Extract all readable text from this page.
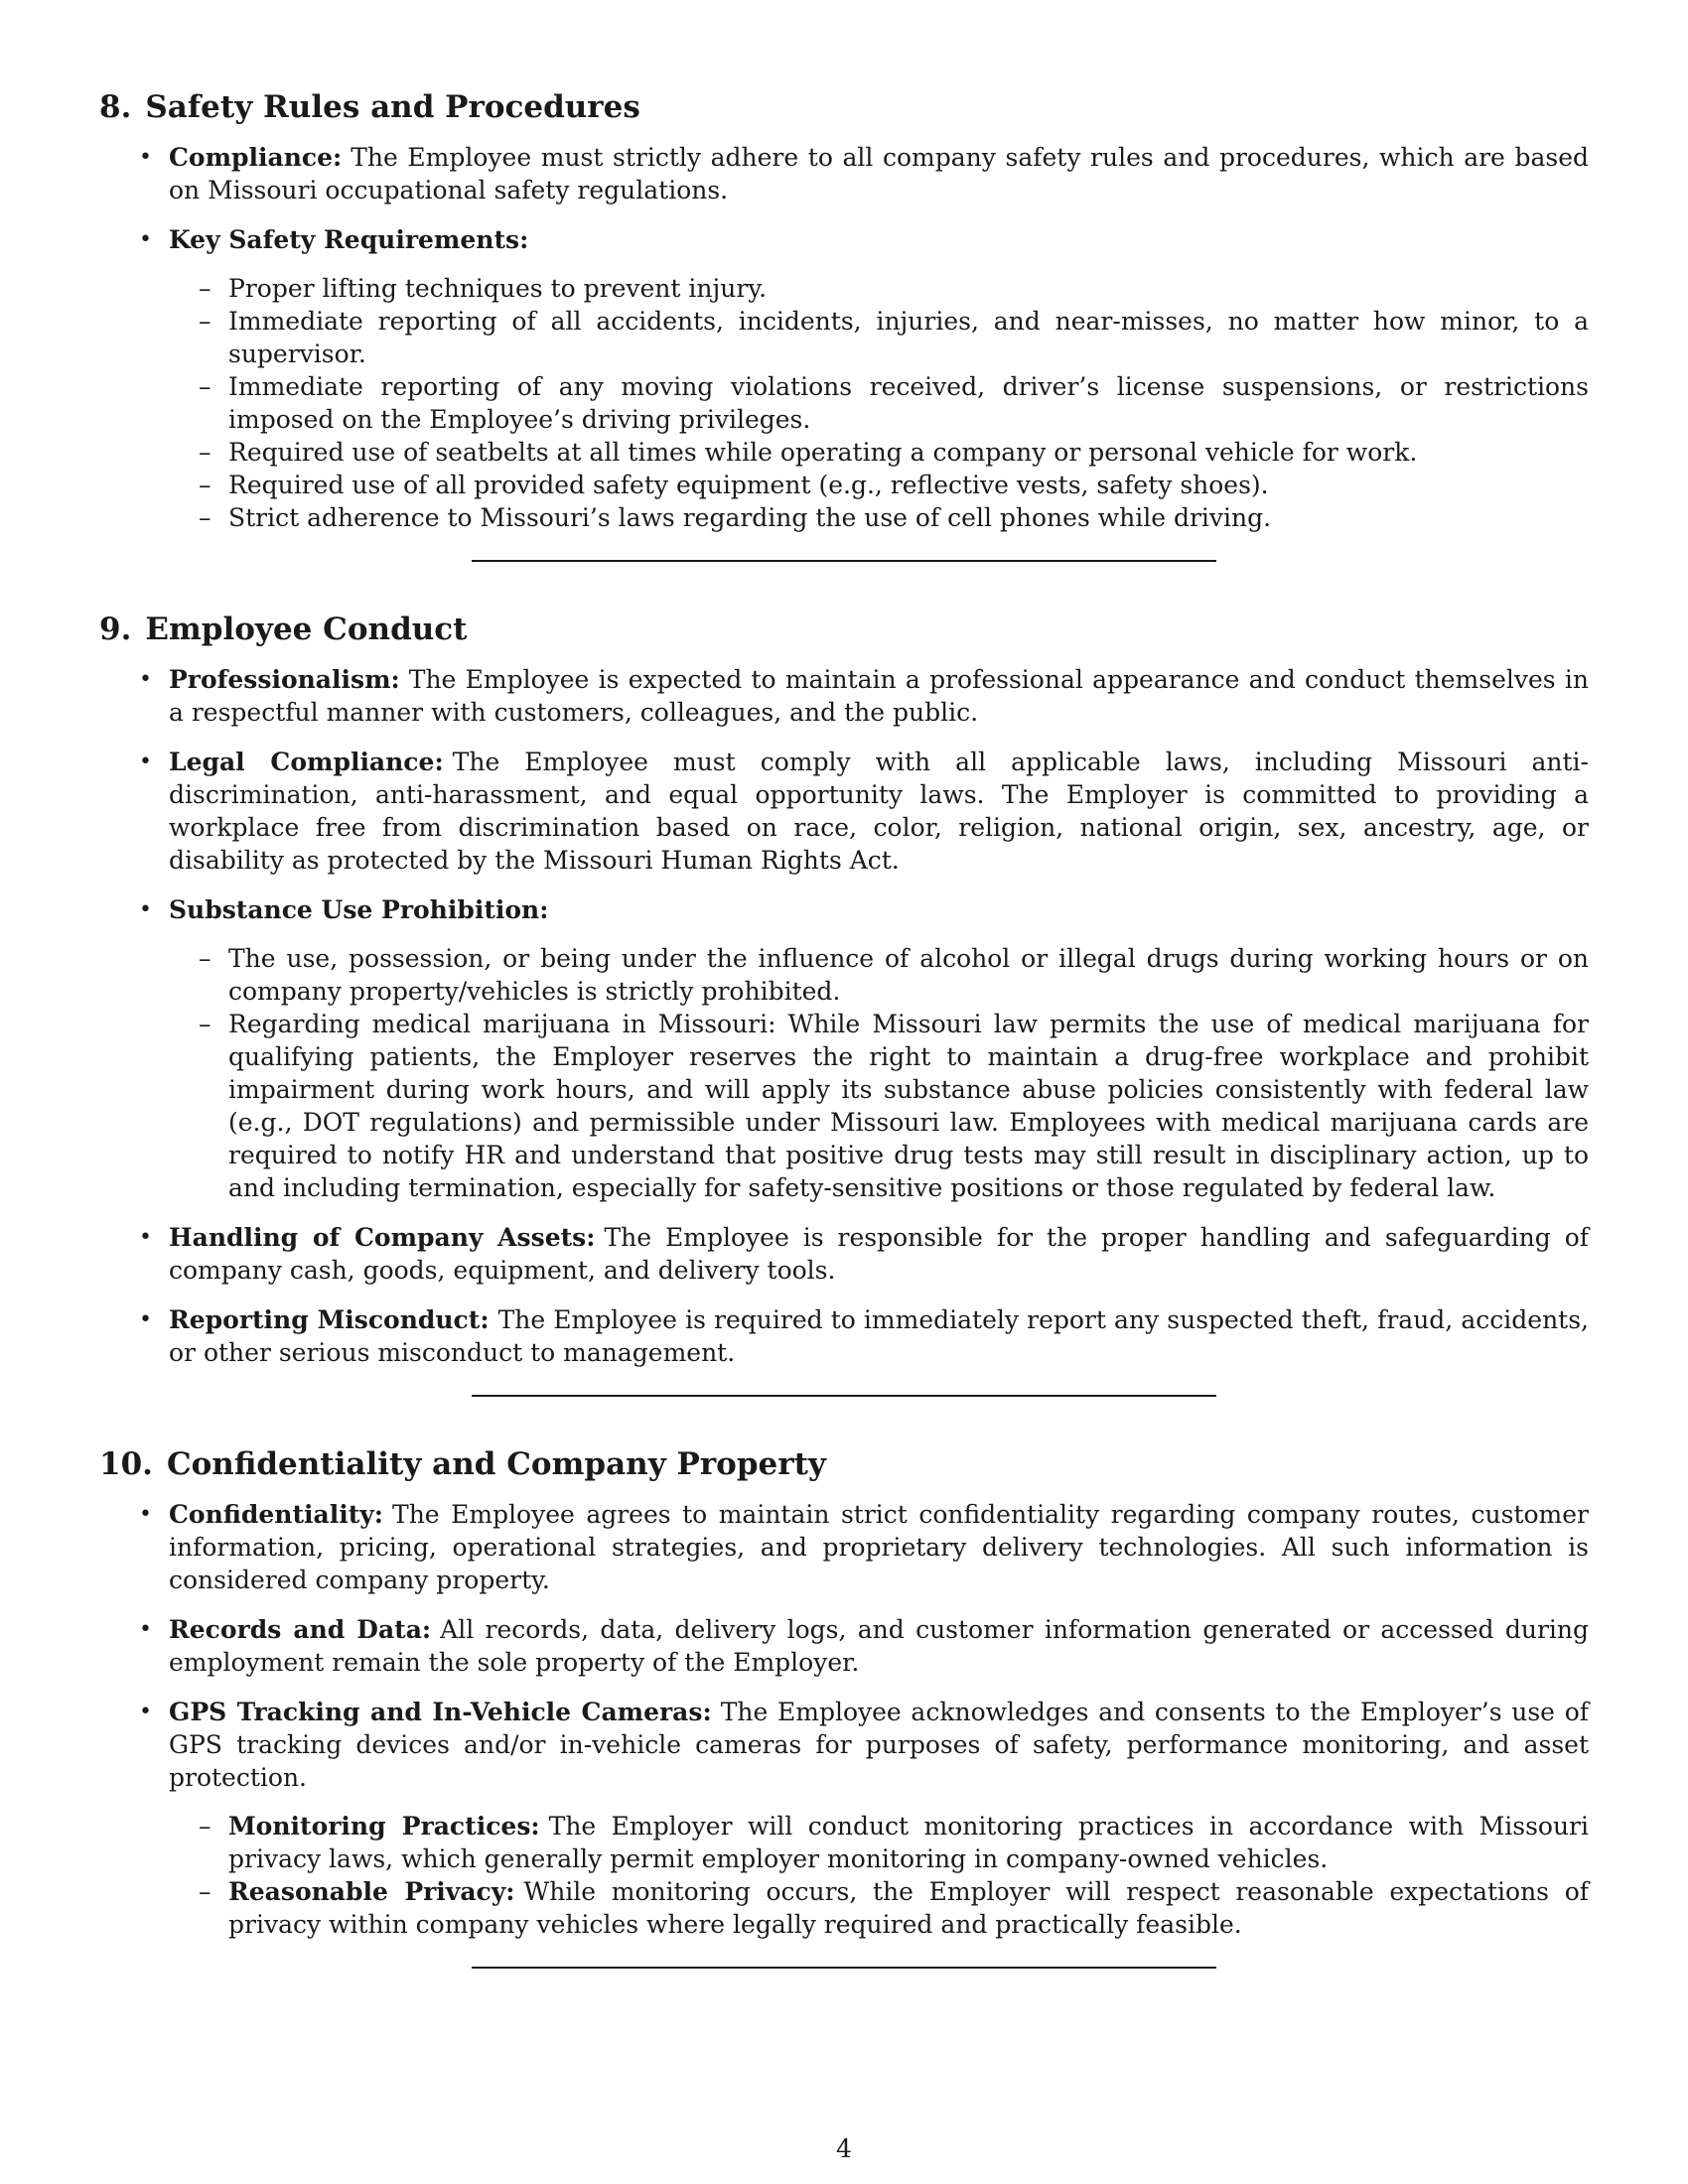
8. Safety Rules and Procedures
• Compliance: The Employee must strictly adhere to all company safety rules and procedures, which are based on Missouri occupational safety regulations.
• Key Safety Requirements:
– Proper lifting techniques to prevent injury.
– Immediate reporting of all accidents, incidents, injuries, and near-misses, no matter how minor, to a supervisor.
– Immediate reporting of any moving violations received, driver’s license suspensions, or restrictions imposed on the Employee’s driving privileges.
– Required use of seatbelts at all times while operating a company or personal vehicle for work.
– Required use of all provided safety equipment (e.g., reflective vests, safety shoes).
– Strict adherence to Missouri’s laws regarding the use of cell phones while driving.
9. Employee Conduct
• Professionalism: The Employee is expected to maintain a professional appearance and conduct themselves in a respectful manner with customers, colleagues, and the public.
• Legal Compliance: The Employee must comply with all applicable laws, including Missouri anti-discrimination, anti-harassment, and equal opportunity laws. The Employer is committed to providing a workplace free from discrimination based on race, color, religion, national origin, sex, ancestry, age, or disability as protected by the Missouri Human Rights Act.
• Substance Use Prohibition:
– The use, possession, or being under the influence of alcohol or illegal drugs during working hours or on company property/vehicles is strictly prohibited.
– Regarding medical marijuana in Missouri: While Missouri law permits the use of medical marijuana for qualifying patients, the Employer reserves the right to maintain a drug-free workplace and prohibit impairment during work hours, and will apply its substance abuse policies consistently with federal law (e.g., DOT regulations) and permissible under Missouri law. Employees with medical marijuana cards are required to notify HR and understand that positive drug tests may still result in disciplinary action, up to and including termination, especially for safety-sensitive positions or those regulated by federal law.
• Handling of Company Assets: The Employee is responsible for the proper handling and safeguarding of company cash, goods, equipment, and delivery tools.
• Reporting Misconduct: The Employee is required to immediately report any suspected theft, fraud, accidents, or other serious misconduct to management.
10. Confidentiality and Company Property
• Confidentiality: The Employee agrees to maintain strict confidentiality regarding company routes, customer information, pricing, operational strategies, and proprietary delivery technologies. All such information is considered company property.
• Records and Data: All records, data, delivery logs, and customer information generated or accessed during employment remain the sole property of the Employer.
• GPS Tracking and In-Vehicle Cameras: The Employee acknowledges and consents to the Employer’s use of GPS tracking devices and/or in-vehicle cameras for purposes of safety, performance monitoring, and asset protection.
– Monitoring Practices: The Employer will conduct monitoring practices in accordance with Missouri privacy laws, which generally permit employer monitoring in company-owned vehicles.
– Reasonable Privacy: While monitoring occurs, the Employer will respect reasonable expectations of privacy within company vehicles where legally required and practically feasible.
4
